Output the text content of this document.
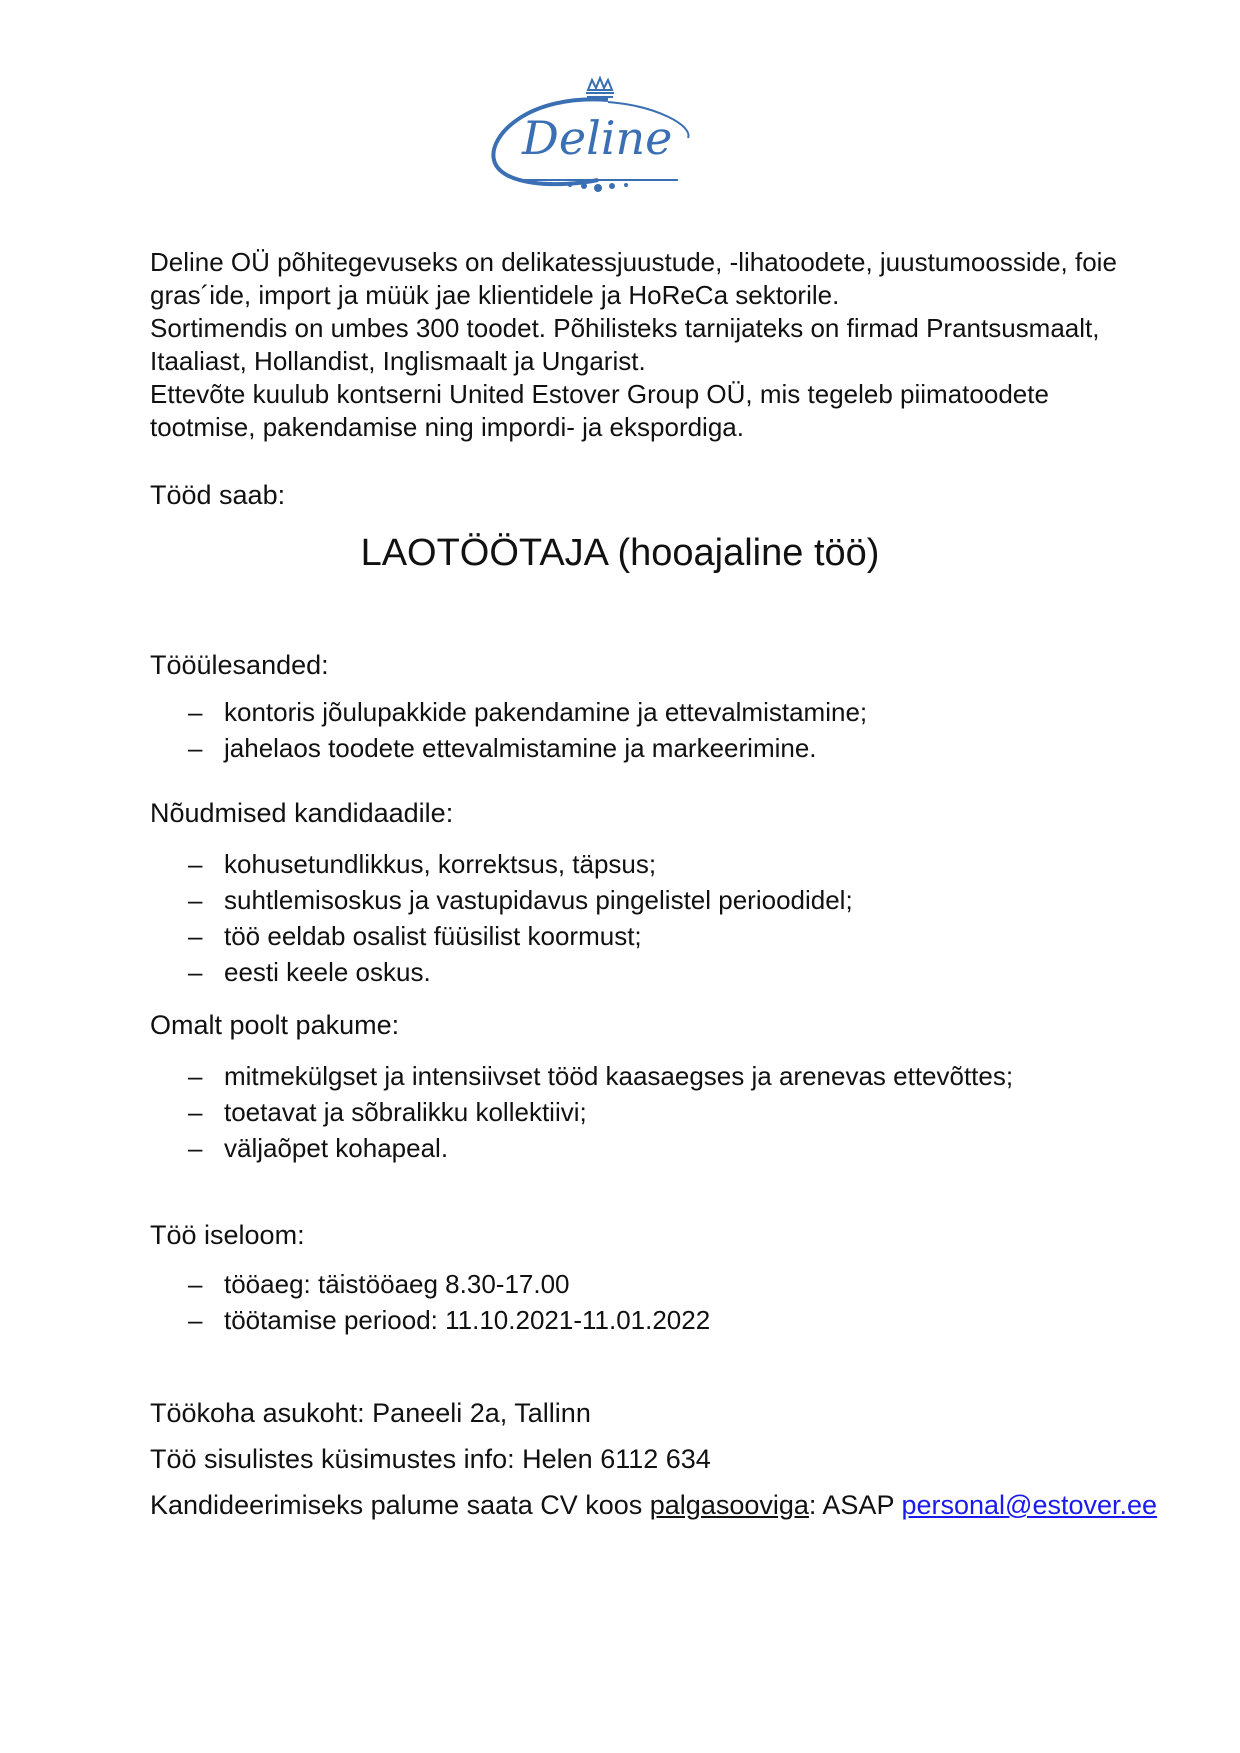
Deline

Deline OÜ põhitegevuseks on delikatessjuustude, -lihatoodete, juustumoosside, foie gras´ide, import ja müük jae klientidele ja HoReCa sektorile.

Sortimendis on umbes 300 toodet. Põhilisteks tarnijateks on firmad Prantsusmaalt, Itaaliast, Hollandist, Inglismaalt ja Ungarist.

Ettevõte kuulub kontserni United Estover Group OÜ, mis tegeleb piimatoodete tootmise, pakendamise ning impordi- ja ekspordiga.

Tööd saab:
LAOTÖÖTAJA (hooajaline töö)
Tööülesanded:
– kontoris jõulupakkide pakendamine ja ettevalmistamine;
– jahelaos toodete ettevalmistamine ja markeerimine.
Nõudmised kandidaadile:
– kohusetundlikkus, korrektsus, täpsus;
– suhtlemisoskus ja vastupidavus pingelistel perioodidel;
– töö eeldab osalist füüsilist koormust;
– eesti keele oskus.
Omalt poolt pakume:
– mitmekülgset ja intensiivset tööd kaasaegses ja arenevas ettevõttes;
– toetavat ja sõbralikku kollektiivi;
– väljaõpet kohapeal.
Töö iseloom:
– tööaeg: täistööaeg 8.30-17.00
– töötamise periood: 11.10.2021-11.01.2022
Töökoha asukoht: Paneeli 2a, Tallinn
Töö sisulistes küsimustes info: Helen 6112 634
Kandideerimiseks palume saata CV koos palgasooviga: ASAP personal@estover.ee
